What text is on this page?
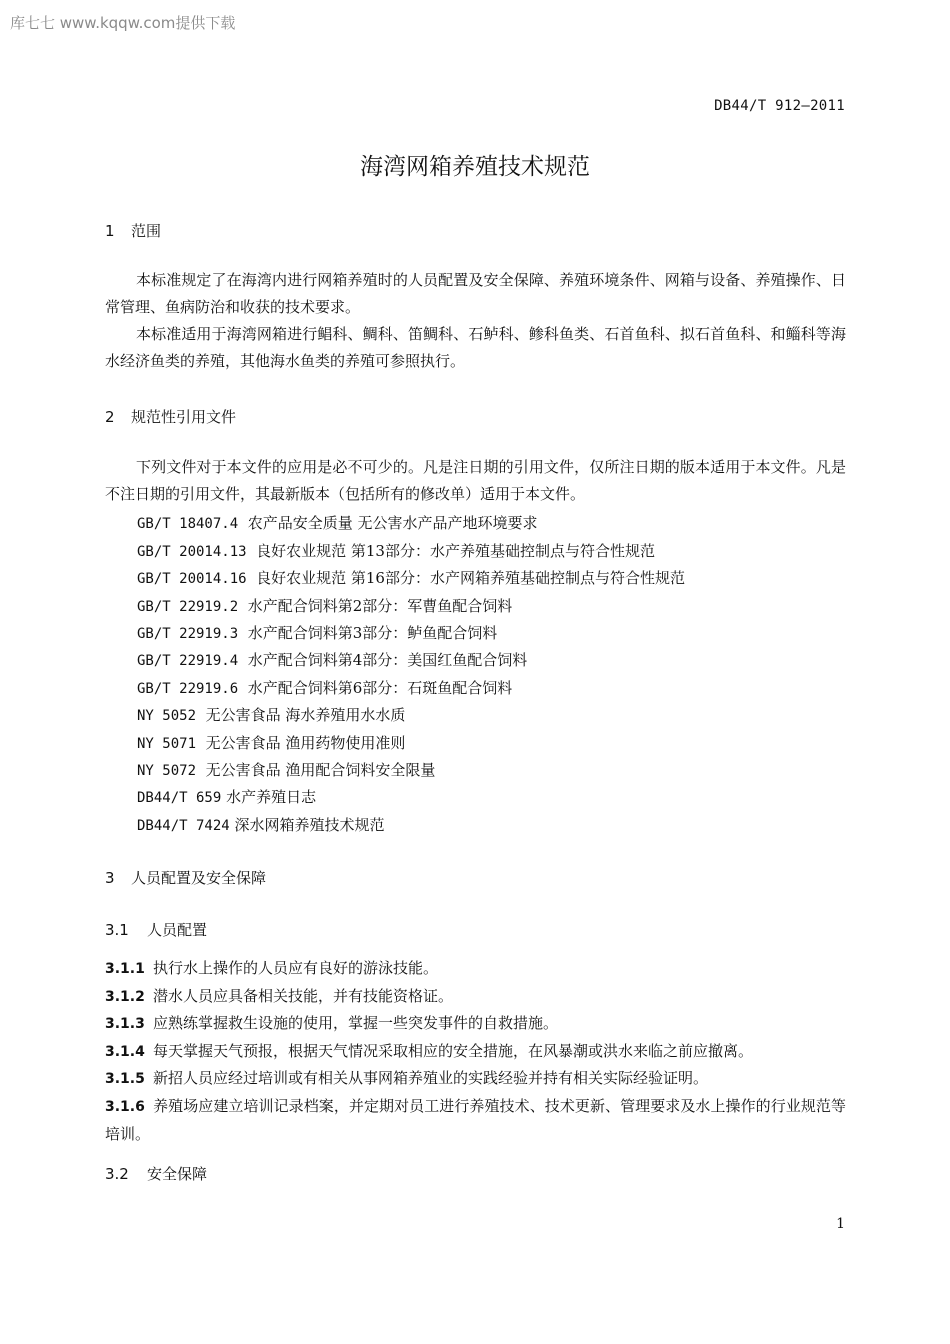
库七七 www.kqqw.com提供下载
DB44/T 912—2011
海湾网箱养殖技术规范
1 范围
本标准规定了在海湾内进行网箱养殖时的人员配置及安全保障、养殖环境条件、网箱与设备、养殖操作、日常管理、鱼病防治和收获的技术要求。
本标准适用于海湾网箱进行鲳科、鲷科、笛鲷科、石鲈科、鲹科鱼类、石首鱼科、拟石首鱼科、和鲻科等海水经济鱼类的养殖，其他海水鱼类的养殖可参照执行。
2 规范性引用文件
下列文件对于本文件的应用是必不可少的。凡是注日期的引用文件，仅所注日期的版本适用于本文件。凡是不注日期的引用文件，其最新版本（包括所有的修改单）适用于本文件。
GB/T 18407.4 农产品安全质量 无公害水产品产地环境要求
GB/T 20014.13 良好农业规范 第13部分：水产养殖基础控制点与符合性规范
GB/T 20014.16 良好农业规范 第16部分：水产网箱养殖基础控制点与符合性规范
GB/T 22919.2 水产配合饲料第2部分：军曹鱼配合饲料
GB/T 22919.3 水产配合饲料第3部分：鲈鱼配合饲料
GB/T 22919.4 水产配合饲料第4部分：美国红鱼配合饲料
GB/T 22919.6 水产配合饲料第6部分：石斑鱼配合饲料
NY 5052 无公害食品 海水养殖用水水质
NY 5071 无公害食品 渔用药物使用准则
NY 5072 无公害食品 渔用配合饲料安全限量
DB44/T 659 水产养殖日志
DB44/T 7424 深水网箱养殖技术规范
3 人员配置及安全保障
3.1 人员配置
3.1.1 执行水上操作的人员应有良好的游泳技能。
3.1.2 潜水人员应具备相关技能，并有技能资格证。
3.1.3 应熟练掌握救生设施的使用，掌握一些突发事件的自救措施。
3.1.4 每天掌握天气预报，根据天气情况采取相应的安全措施，在风暴潮或洪水来临之前应撤离。
3.1.5 新招人员应经过培训或有相关从事网箱养殖业的实践经验并持有相关实际经验证明。
3.1.6 养殖场应建立培训记录档案，并定期对员工进行养殖技术、技术更新、管理要求及水上操作的行业规范等培训。
3.2 安全保障
1
